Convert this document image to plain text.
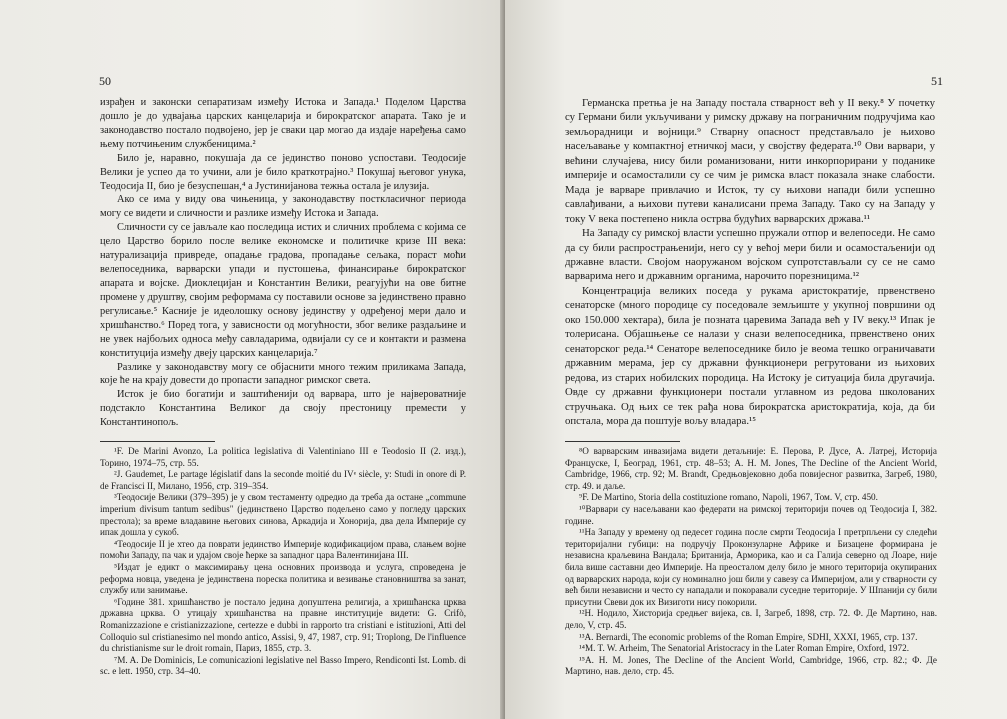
50

израђен и законски сепаратизам између Истока и Запада.¹ Поделом Царства дошло је до удвајања царских канцеларија и бирократског апарата. Тако је и законодавство постало подвојено, јер је сваки цар могао да издаје наређења само њему потчињеним службеницима.²

Било је, наравно, покушаја да се јединство поново успостави. Теодосије Велики је успео да то учини, али је било краткотрајно.³ Покушај његовог унука, Теодосија II, био је безуспешан,⁴ а Јустинијанова тежња остала је илузија.

Ако се има у виду ова чињеница, у законодавству постклаcичног периода могу се видети и сличности и разлике између Истока и Запада.

Сличности су се јављале као последица истих и сличних проблема с којима се цело Царство борило после велике економске и политичке кризе III века: натурализација привреде, опадање градова, пропадање сељака, пораст моћи велепоседника, варварски упади и пустошења, финансирање бирократског апарата и војске. Диоклецијан и Константин Велики, реагујући на ове битне промене у друштву, својим реформама су поставили основе за јединствено правно регулисање.⁵ Касније је идеолошку основу јединству у одређеној мери дало и хришћанство.⁶ Поред тога, у зависности од могућности, због велике раздаљине и не увек најбољих односа међу савладарима, одвијали су се и контакти и размена конституција између двеју царских канцеларија.⁷

Разлике у законодавству могу се објаснити много тежим приликама Запада, које ће на крају довести до пропасти западног римског света.

Исток је био богатији и заштићенији од варвара, што је највероватније подстакло Константина Великог да своју престоницу премести у Константинопољ.

¹F. De Marini Avonzo, La politica legislativa di Valentiniano III e Teodosio II (2. изд.), Торино, 1974–75, стр. 55.

²J. Gaudemet, Le partage législatif dans la seconde moitié du IVᵉ siècle, у: Studi in onore di P. de Francisci II, Милано, 1956, стр. 319–354.

³Теодосије Велики (379–395) је у свом тестаменту одредио да треба да остане „commune imperium divisum tantum sedibus" (јединствено Царство подељено само у погледу царских престола); за време владавине његових синова, Аркадија и Хонорија, два дела Империје су ипак дошла у сукоб.

⁴Теодосије II је хтео да поврати јединство Империје кодификацијом права, слањем војне помоћи Западу, па чак и удајом своје ћерке за западног цара Валентинијана III.

⁵Издат је едикт о максимирању цена основних производа и услуга, спроведена је реформа новца, уведена је јединствена пореска политика и везивање становништва за занат, службу или занимање.

⁶Године 381. хришћанство је постало једина допуштена религија, а хришћанска црква државна црква. О утицају хришћанства на правне институције видети: G. Crifò, Romanizzazione e cristianizzazione, certezze e dubbi in rapporto tra cristiani e istituzioni, Atti del Colloquio sul cristianesimo nel mondo antico, Assisi, 9, 47, 1987, стр. 91; Troplong, De l'influence du christianisme sur le droit romain, Париз, 1855, стр. 3.

⁷M. A. De Dominicis, Le comunicazioni legislative nel Basso Impero, Rendiconti Ist. Lomb. di sc. e lett. 1950, стр. 34–40.

51

Германска претња је на Западу постала стварност већ у II веку.⁸ У почетку су Германи били укључивани у римску државу на пограничним подручјима као земљорадници и војници.⁹ Стварну опасност представљало је њихово насељавање у компактној етничкој маси, у својству федерата.¹⁰ Ови варвари, у већини случајева, нису били романизовани, нити инкорпорирани у поданике империје и осамосталили су се чим је римска власт показала знаке слабости. Мада је варваре привлачио и Исток, ту су њихови напади били успешно савлађивани, а њихови путеви каналисани према Западу. Тако су на Западу у току V века постепено никла острва будућих варварских држава.¹¹

На Западу су римској власти успешно пружали отпор и велепоседи. Не само да су били распрострањенији, него су у већој мери били и осамостаљенији од државне власти. Својом наоружаном војском супротстављали су се не само варварима него и државним органима, нарочито порезницима.¹²

Концентрација великих поседа у рукама аристократије, првенствено сенаторске (много породице су поседовале земљиште у укупној површини од око 150.000 хектара), била је позната царевима Запада већ у IV веку.¹³ Ипак је толерисана. Објашњење се налази у снази велепоседника, првенствено оних сенаторског реда.¹⁴ Сенаторе велепоседнике било је веома тешко ограничавати државним мерама, јер су државни функционери регрутовани из њихових редова, из старих нобилских породица. На Истоку је ситуација била другачија. Овде су државни функционери постали углавном из редова школованих стручњака. Од њих се тек рађа нова бирократска аристократија, која, да би опстала, мора да поштује вољу владара.¹⁵

⁸О варварским инвазијама видети детаљније: Е. Перова, Р. Дусе, А. Латреј, Историја Француске, I, Београд, 1961, стр. 48–53; A. H. M. Jones, The Decline of the Ancient World, Cambridge, 1966, стр. 92; M. Brandt, Средњовјековно доба повијесног развитка, Загреб, 1980, стр. 49. и даље.

⁹F. De Martino, Storia della costituzione romano, Napoli, 1967, Том. V, стр. 450.

¹⁰Варвари су насељавани као федерати на римској територији почев од Теодосија I, 382. године.

¹¹На Западу у времену од педесет година после смрти Теодосија I претрпљени су следећи територијални губици: на подручју Проконзуларне Африке и Бизацене формирана је независна краљевина Вандала; Британија, Арморика, као и са Галија северно од Лоаре, није била више саставни део Империје. На преосталом делу било је много територија окупираних од варварских народа, који су номинално још били у савезу са Империјом, али у стварности су већ били независни и често су нападали и покоравали суседне територије. У Шпанији су били присутни Свеви док их Визиготи нису покорили.

¹²Н. Нодило, Хисторија средњег вијека, св. I, Загреб, 1898, стр. 72. Ф. Де Мартино, нав. дело, V, стр. 45.

¹³A. Bernardi, The economic problems of the Roman Empire, SDHI, XXXI, 1965, стр. 137.

¹⁴M. T. W. Arheim, The Senatorial Aristocracy in the Later Roman Empire, Oxford, 1972.

¹⁵A. H. M. Jones, The Decline of the Ancient World, Cambridge, 1966, стр. 82.; Ф. Де Мартино, нав. дело, стр. 45.
